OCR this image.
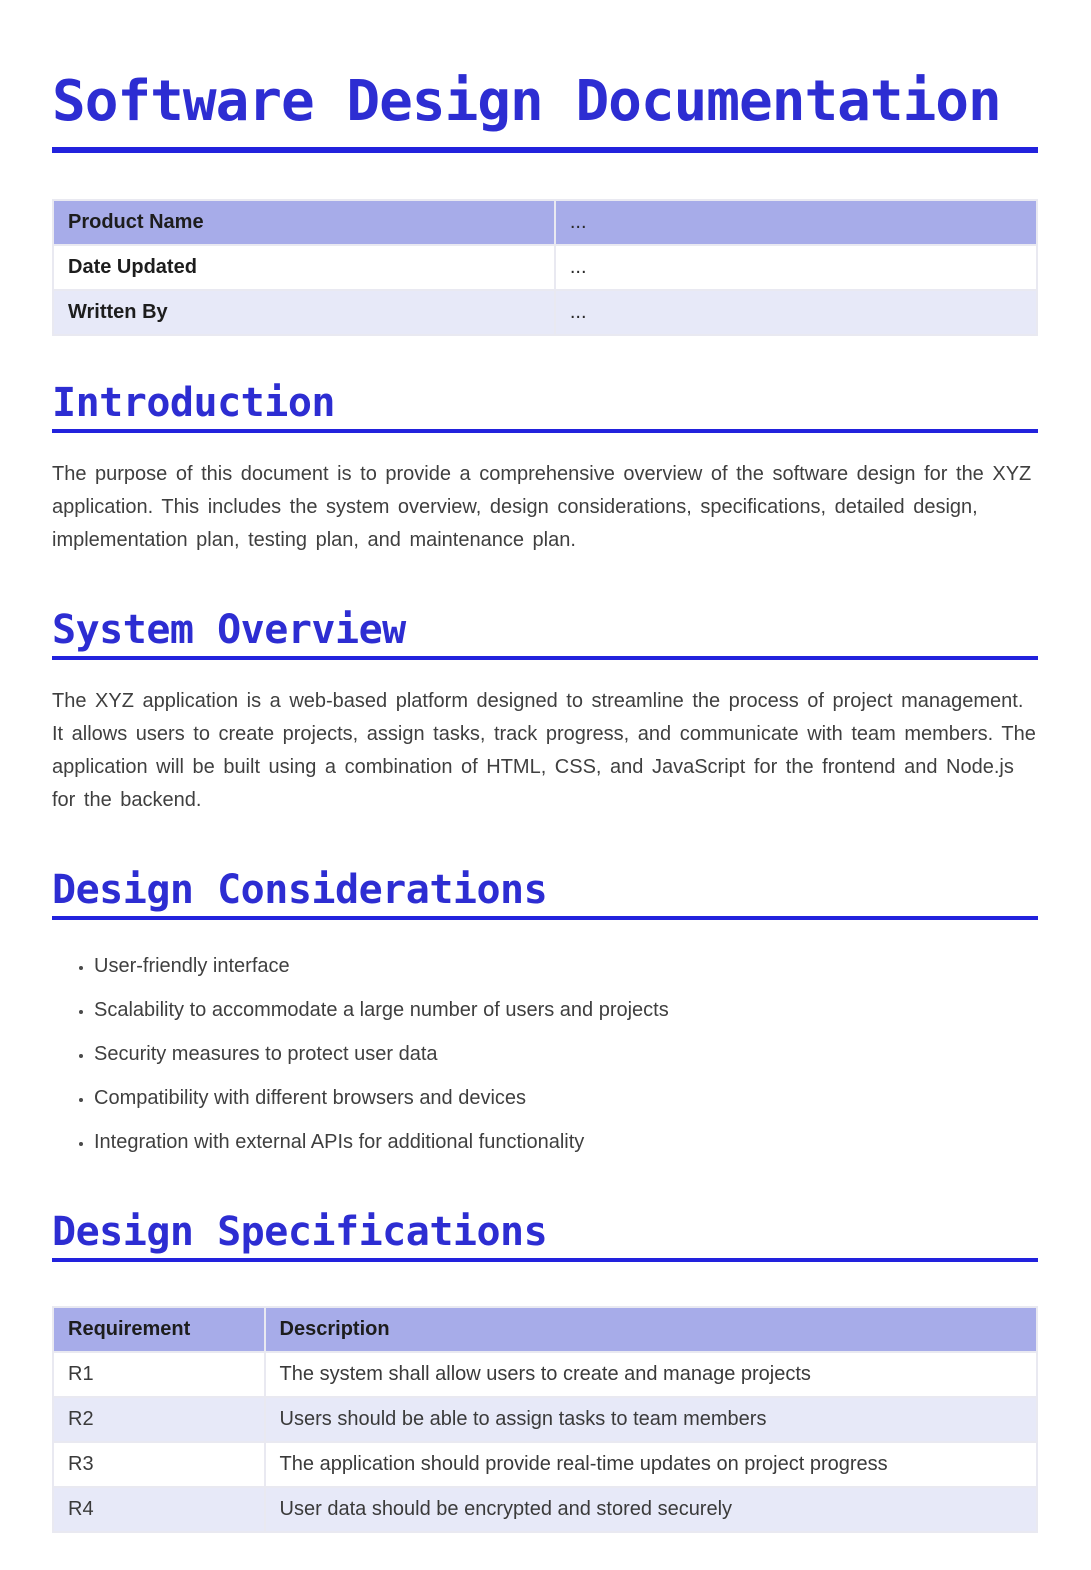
Software Design Documentation
Product Name	...
Date Updated	...
Written By	...
Introduction

The purpose of this document is to provide a comprehensive overview of the software design for the XYZ application. This includes the system overview, design considerations, specifications, detailed design, implementation plan, testing plan, and maintenance plan.

System Overview

The XYZ application is a web-based platform designed to streamline the process of project management. It allows users to create projects, assign tasks, track progress, and communicate with team members. The application will be built using a combination of HTML, CSS, and JavaScript for the frontend and Node.js for the backend.

Design Considerations
• User-friendly interface
• Scalability to accommodate a large number of users and projects
• Security measures to protect user data
• Compatibility with different browsers and devices
• Integration with external APIs for additional functionality
Design Specifications
Requirement	Description
R1	The system shall allow users to create and manage projects
R2	Users should be able to assign tasks to team members
R3	The application should provide real-time updates on project progress
R4	User data should be encrypted and stored securely
